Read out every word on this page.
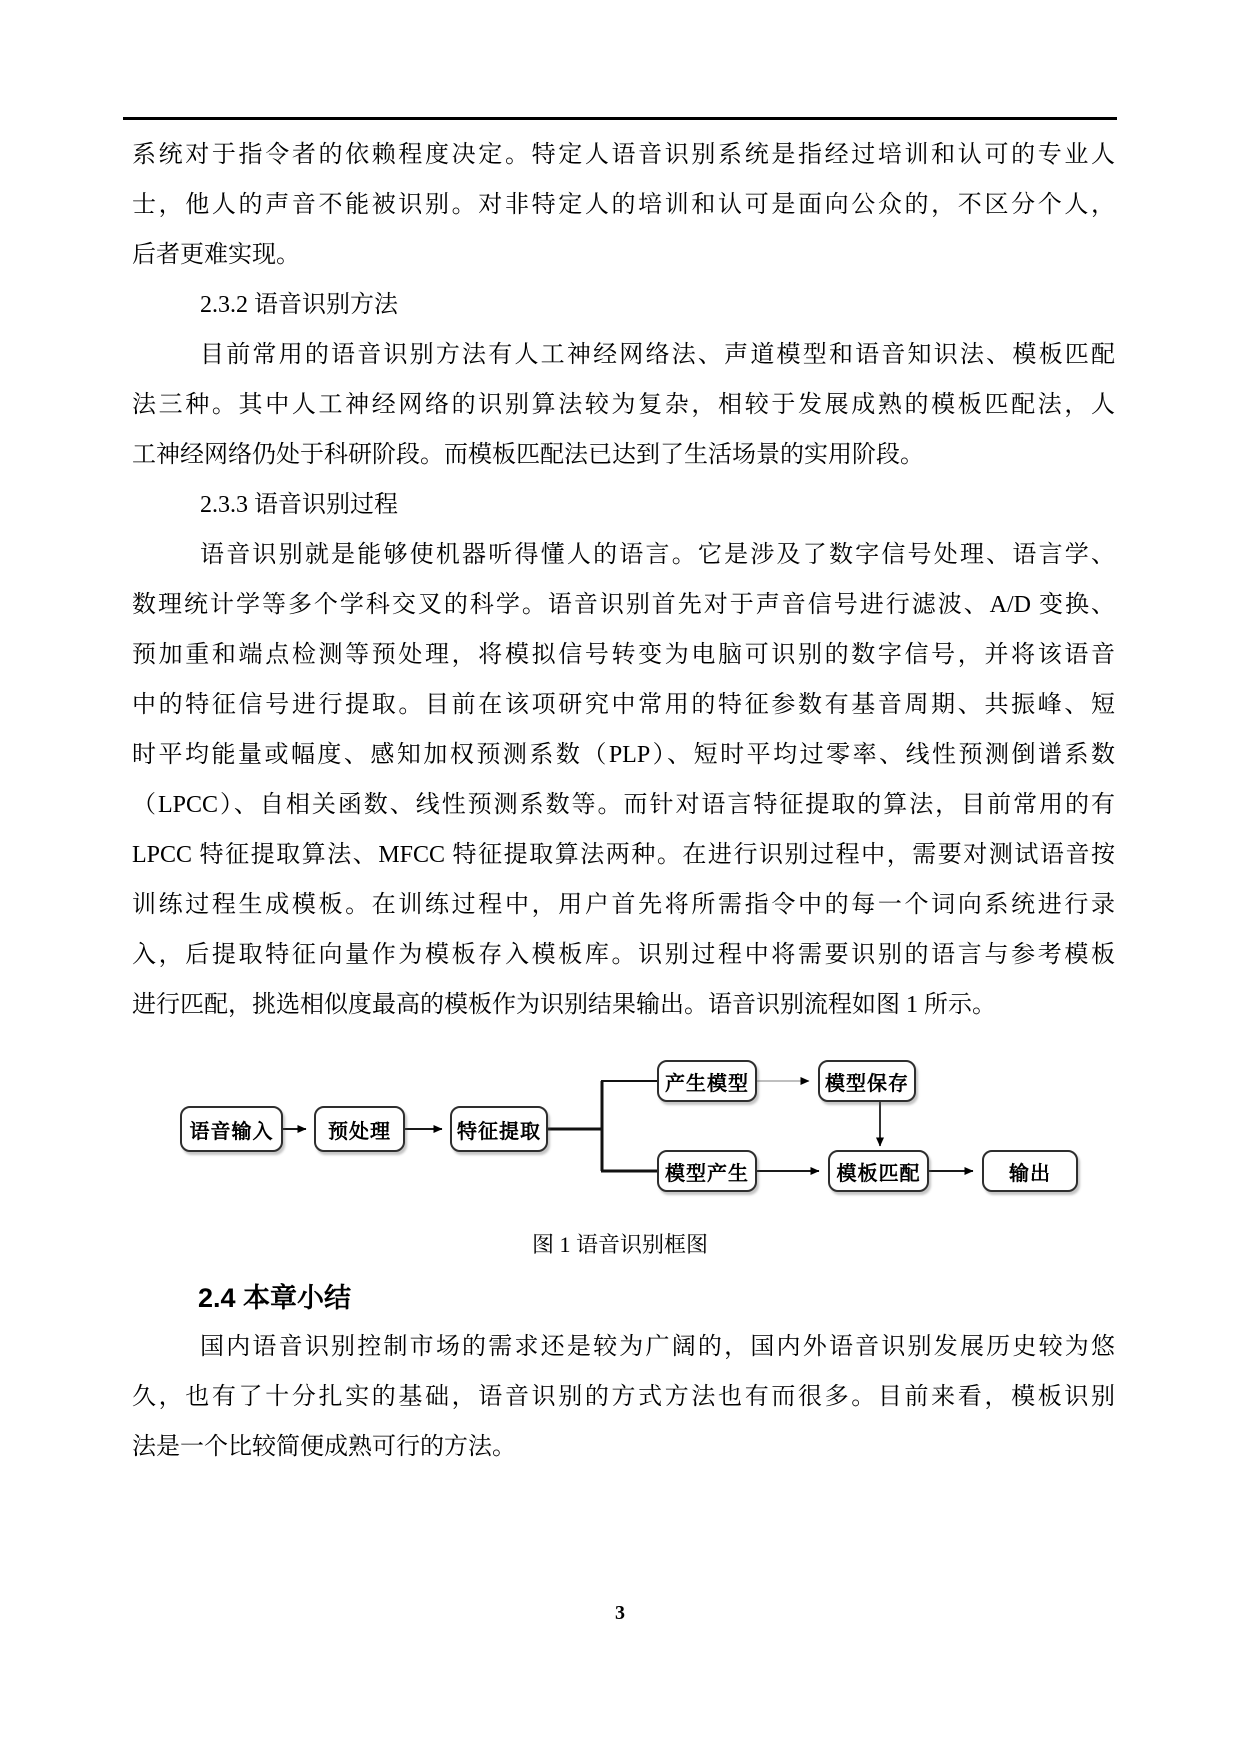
系统对于指令者的依赖程度决定。特定人语音识别系统是指经过培训和认可的专业人
士，他人的声音不能被识别。对非特定人的培训和认可是面向公众的，不区分个人，
后者更难实现。
2.3.2 语音识别方法
目前常用的语音识别方法有人工神经网络法、声道模型和语音知识法、模板匹配
法三种。其中人工神经网络的识别算法较为复杂，相较于发展成熟的模板匹配法，人
工神经网络仍处于科研阶段。而模板匹配法已达到了生活场景的实用阶段。
2.3.3 语音识别过程
语音识别就是能够使机器听得懂人的语言。它是涉及了数字信号处理、语言学、
数理统计学等多个学科交叉的科学。语音识别首先对于声音信号进行滤波、A/D 变换、
预加重和端点检测等预处理，将模拟信号转变为电脑可识别的数字信号，并将该语音
中的特征信号进行提取。目前在该项研究中常用的特征参数有基音周期、共振峰、短
时平均能量或幅度、感知加权预测系数（PLP）、短时平均过零率、线性预测倒谱系数
（LPCC）、自相关函数、线性预测系数等。而针对语言特征提取的算法，目前常用的有
LPCC 特征提取算法、MFCC 特征提取算法两种。在进行识别过程中，需要对测试语音按
训练过程生成模板。在训练过程中，用户首先将所需指令中的每一个词向系统进行录
入，后提取特征向量作为模板存入模板库。识别过程中将需要识别的语言与参考模板
进行匹配，挑选相似度最高的模板作为识别结果输出。语音识别流程如图 1 所示。
语音输入	预处理	特征提取
产生模型	模型保存
模型产生	模板匹配	输出
图 1 语音识别框图
2.4 本章小结
国内语音识别控制市场的需求还是较为广阔的，国内外语音识别发展历史较为悠
久，也有了十分扎实的基础，语音识别的方式方法也有而很多。目前来看，模板识别
法是一个比较简便成熟可行的方法。
3
